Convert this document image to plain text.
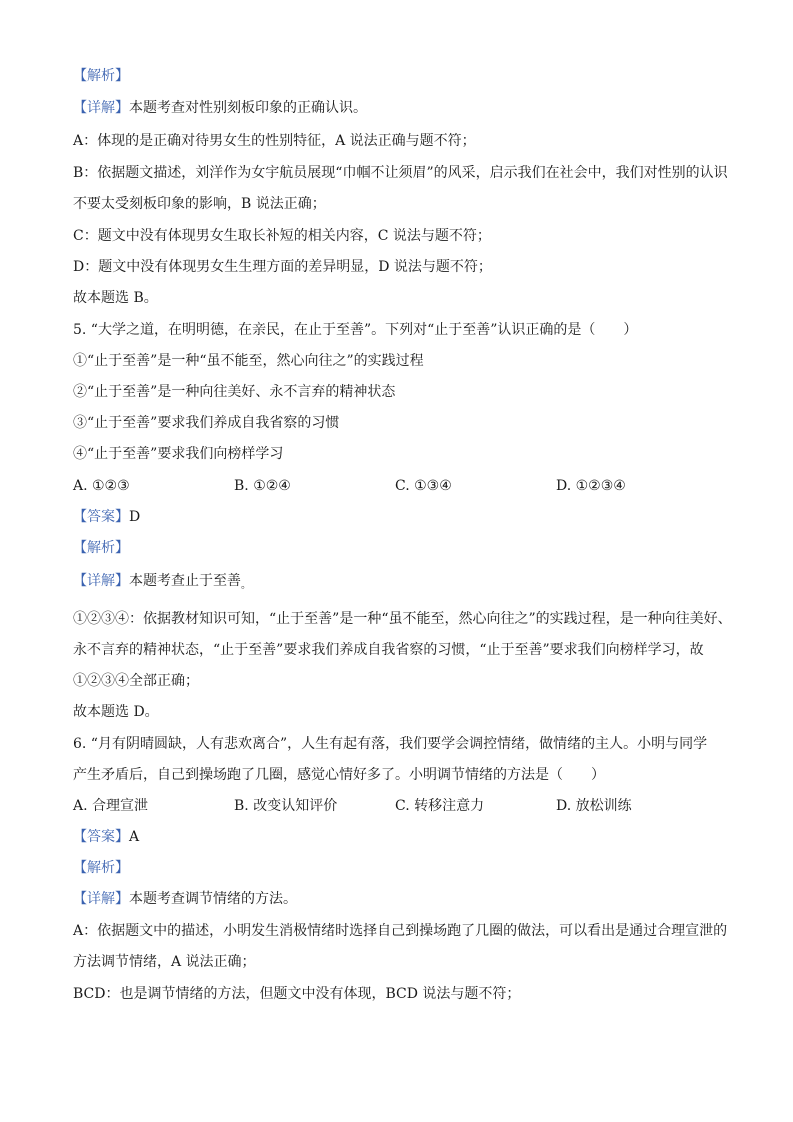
【解析】
【详解】本题考查对性别刻板印象的正确认识。
A：体现的是正确对待男女生的性别特征，A 说法正确与题不符；
B：依据题文描述，刘洋作为女宇航员展现“巾帼不让须眉”的风采，启示我们在社会中，我们对性别的认识
不要太受刻板印象的影响，B 说法正确；
C：题文中没有体现男女生取长补短的相关内容，C 说法与题不符；
D：题文中没有体现男女生生理方面的差异明显，D 说法与题不符；
故本题选 B。
5. “大学之道，在明明德，在亲民，在止于至善”。下列对“止于至善”认识正确的是（　　）
①“止于至善”是一种“虽不能至，然心向往之”的实践过程
②“止于至善”是一种向往美好、永不言弃的精神状态
③“止于至善”要求我们养成自我省察的习惯
④“止于至善”要求我们向榜样学习
A. ①②③	B. ①②④	C. ①③④	D. ①②③④
【答案】D
【解析】
【详解】本题考查止于至善$_。$
①②③④：依据教材知识可知，“止于至善”是一种“虽不能至，然心向往之”的实践过程，是一种向往美好、
永不言弃的精神状态，“止于至善”要求我们养成自我省察的习惯，“止于至善”要求我们向榜样学习，故
①②③④全部正确；
故本题选 D。
6. “月有阴晴圆缺，人有悲欢离合”，人生有起有落，我们要学会调控情绪，做情绪的主人。小明与同学
产生矛盾后，自己到操场跑了几圈，感觉心情好多了。小明调节情绪的方法是（　　）
A. 合理宣泄	B. 改变认知评价	C. 转移注意力	D. 放松训练
【答案】A
【解析】
【详解】本题考查调节情绪的方法。
A：依据题文中的描述，小明发生消极情绪时选择自己到操场跑了几圈的做法，可以看出是通过合理宣泄的
方法调节情绪，A 说法正确；
BCD：也是调节情绪的方法，但题文中没有体现，BCD 说法与题不符；
